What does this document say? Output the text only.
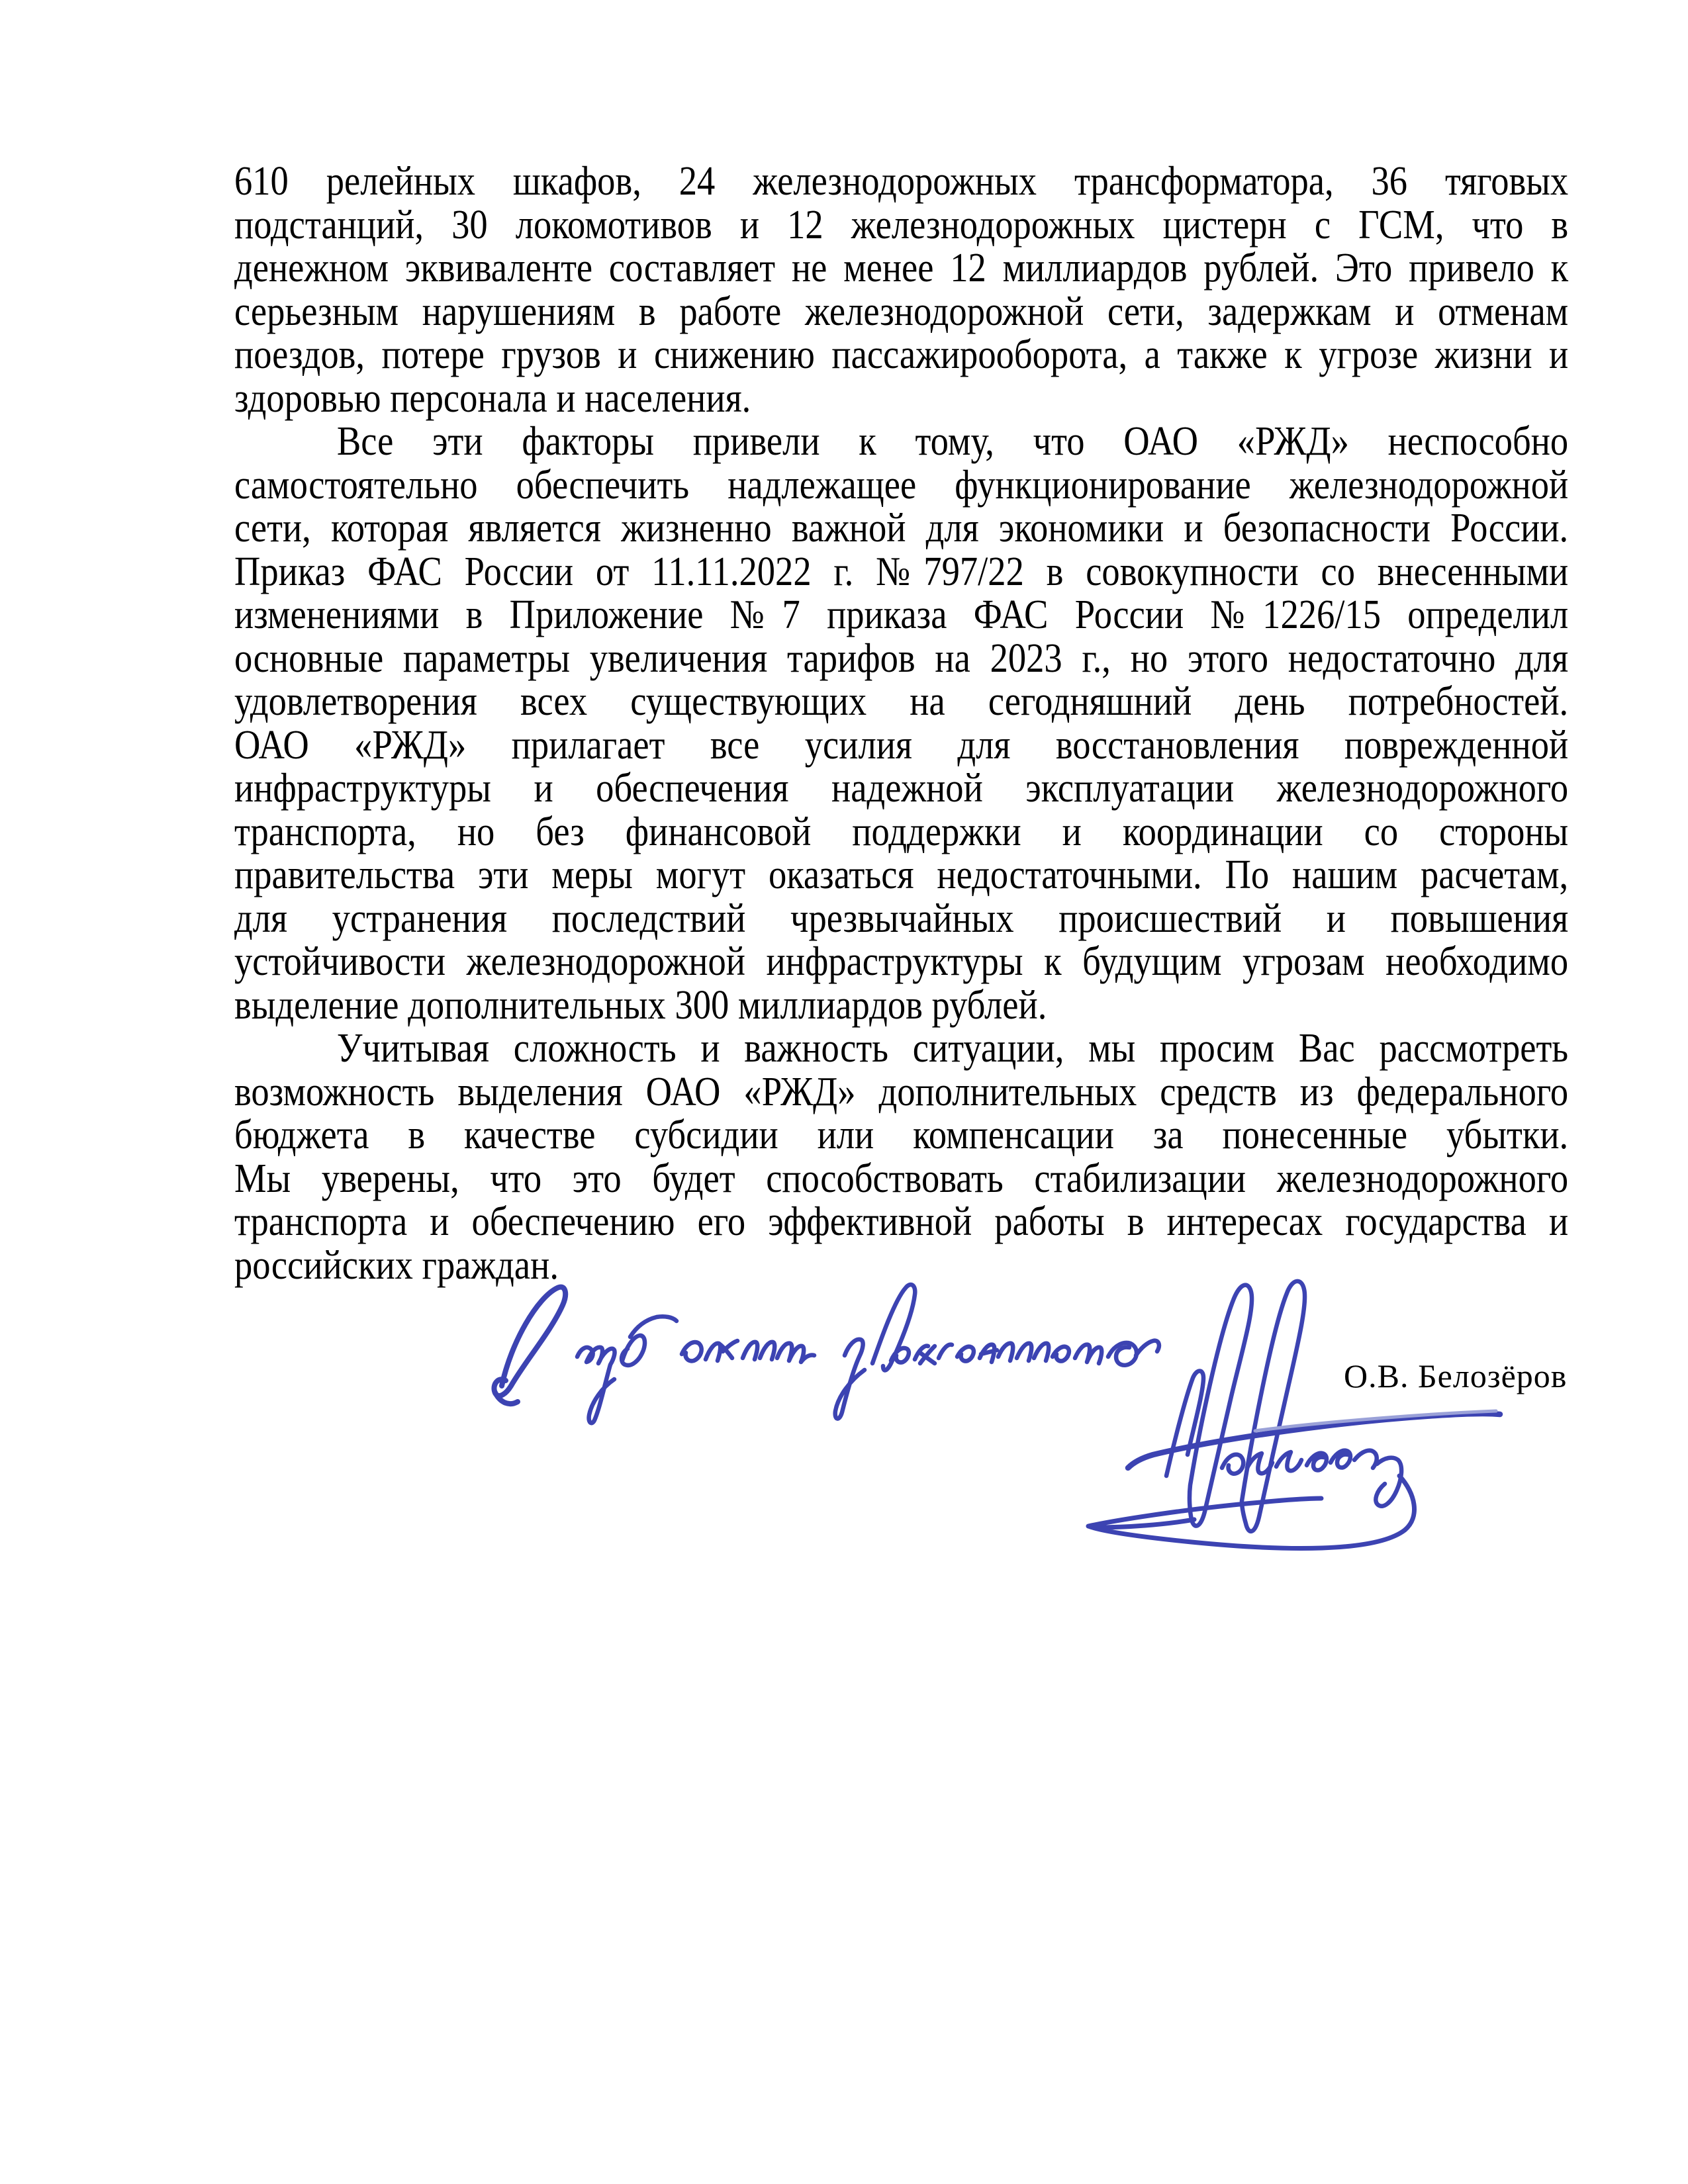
610 релейных шкафов, 24 железнодорожных трансформатора, 36 тяговых
подстанций, 30 локомотивов и 12 железнодорожных цистерн с ГСМ, что в
денежном эквиваленте составляет не менее 12 миллиардов рублей. Это привело к
серьезным нарушениям в работе железнодорожной сети, задержкам и отменам
поездов, потере грузов и снижению пассажирооборота, а также к угрозе жизни и
здоровью персонала и населения.
Все эти факторы привели к тому, что ОАО «РЖД» неспособно
самостоятельно обеспечить надлежащее функционирование железнодорожной
сети, которая является жизненно важной для экономики и безопасности России.
Приказ ФАС России от 11.11.2022 г. №797/22 в совокупности со внесенными
изменениями в Приложение №7 приказа ФАС России №1226/15 определил
основные параметры увеличения тарифов на 2023 г., но этого недостаточно для
удовлетворения всех существующих на сегодняшний день потребностей.
ОАО «РЖД» прилагает все усилия для восстановления поврежденной
инфраструктуры и обеспечения надежной эксплуатации железнодорожного
транспорта, но без финансовой поддержки и координации со стороны
правительства эти меры могут оказаться недостаточными. По нашим расчетам,
для устранения последствий чрезвычайных происшествий и повышения
устойчивости железнодорожной инфраструктуры к будущим угрозам необходимо
выделение дополнительных 300 миллиардов рублей.
Учитывая сложность и важность ситуации, мы просим Вас рассмотреть
возможность выделения ОАО «РЖД» дополнительных средств из федерального
бюджета в качестве субсидии или компенсации за понесенные убытки.
Мы уверены, что это будет способствовать стабилизации железнодорожного
транспорта и обеспечению его эффективной работы в интересах государства и
российских граждан.
О.В. Белозёров
